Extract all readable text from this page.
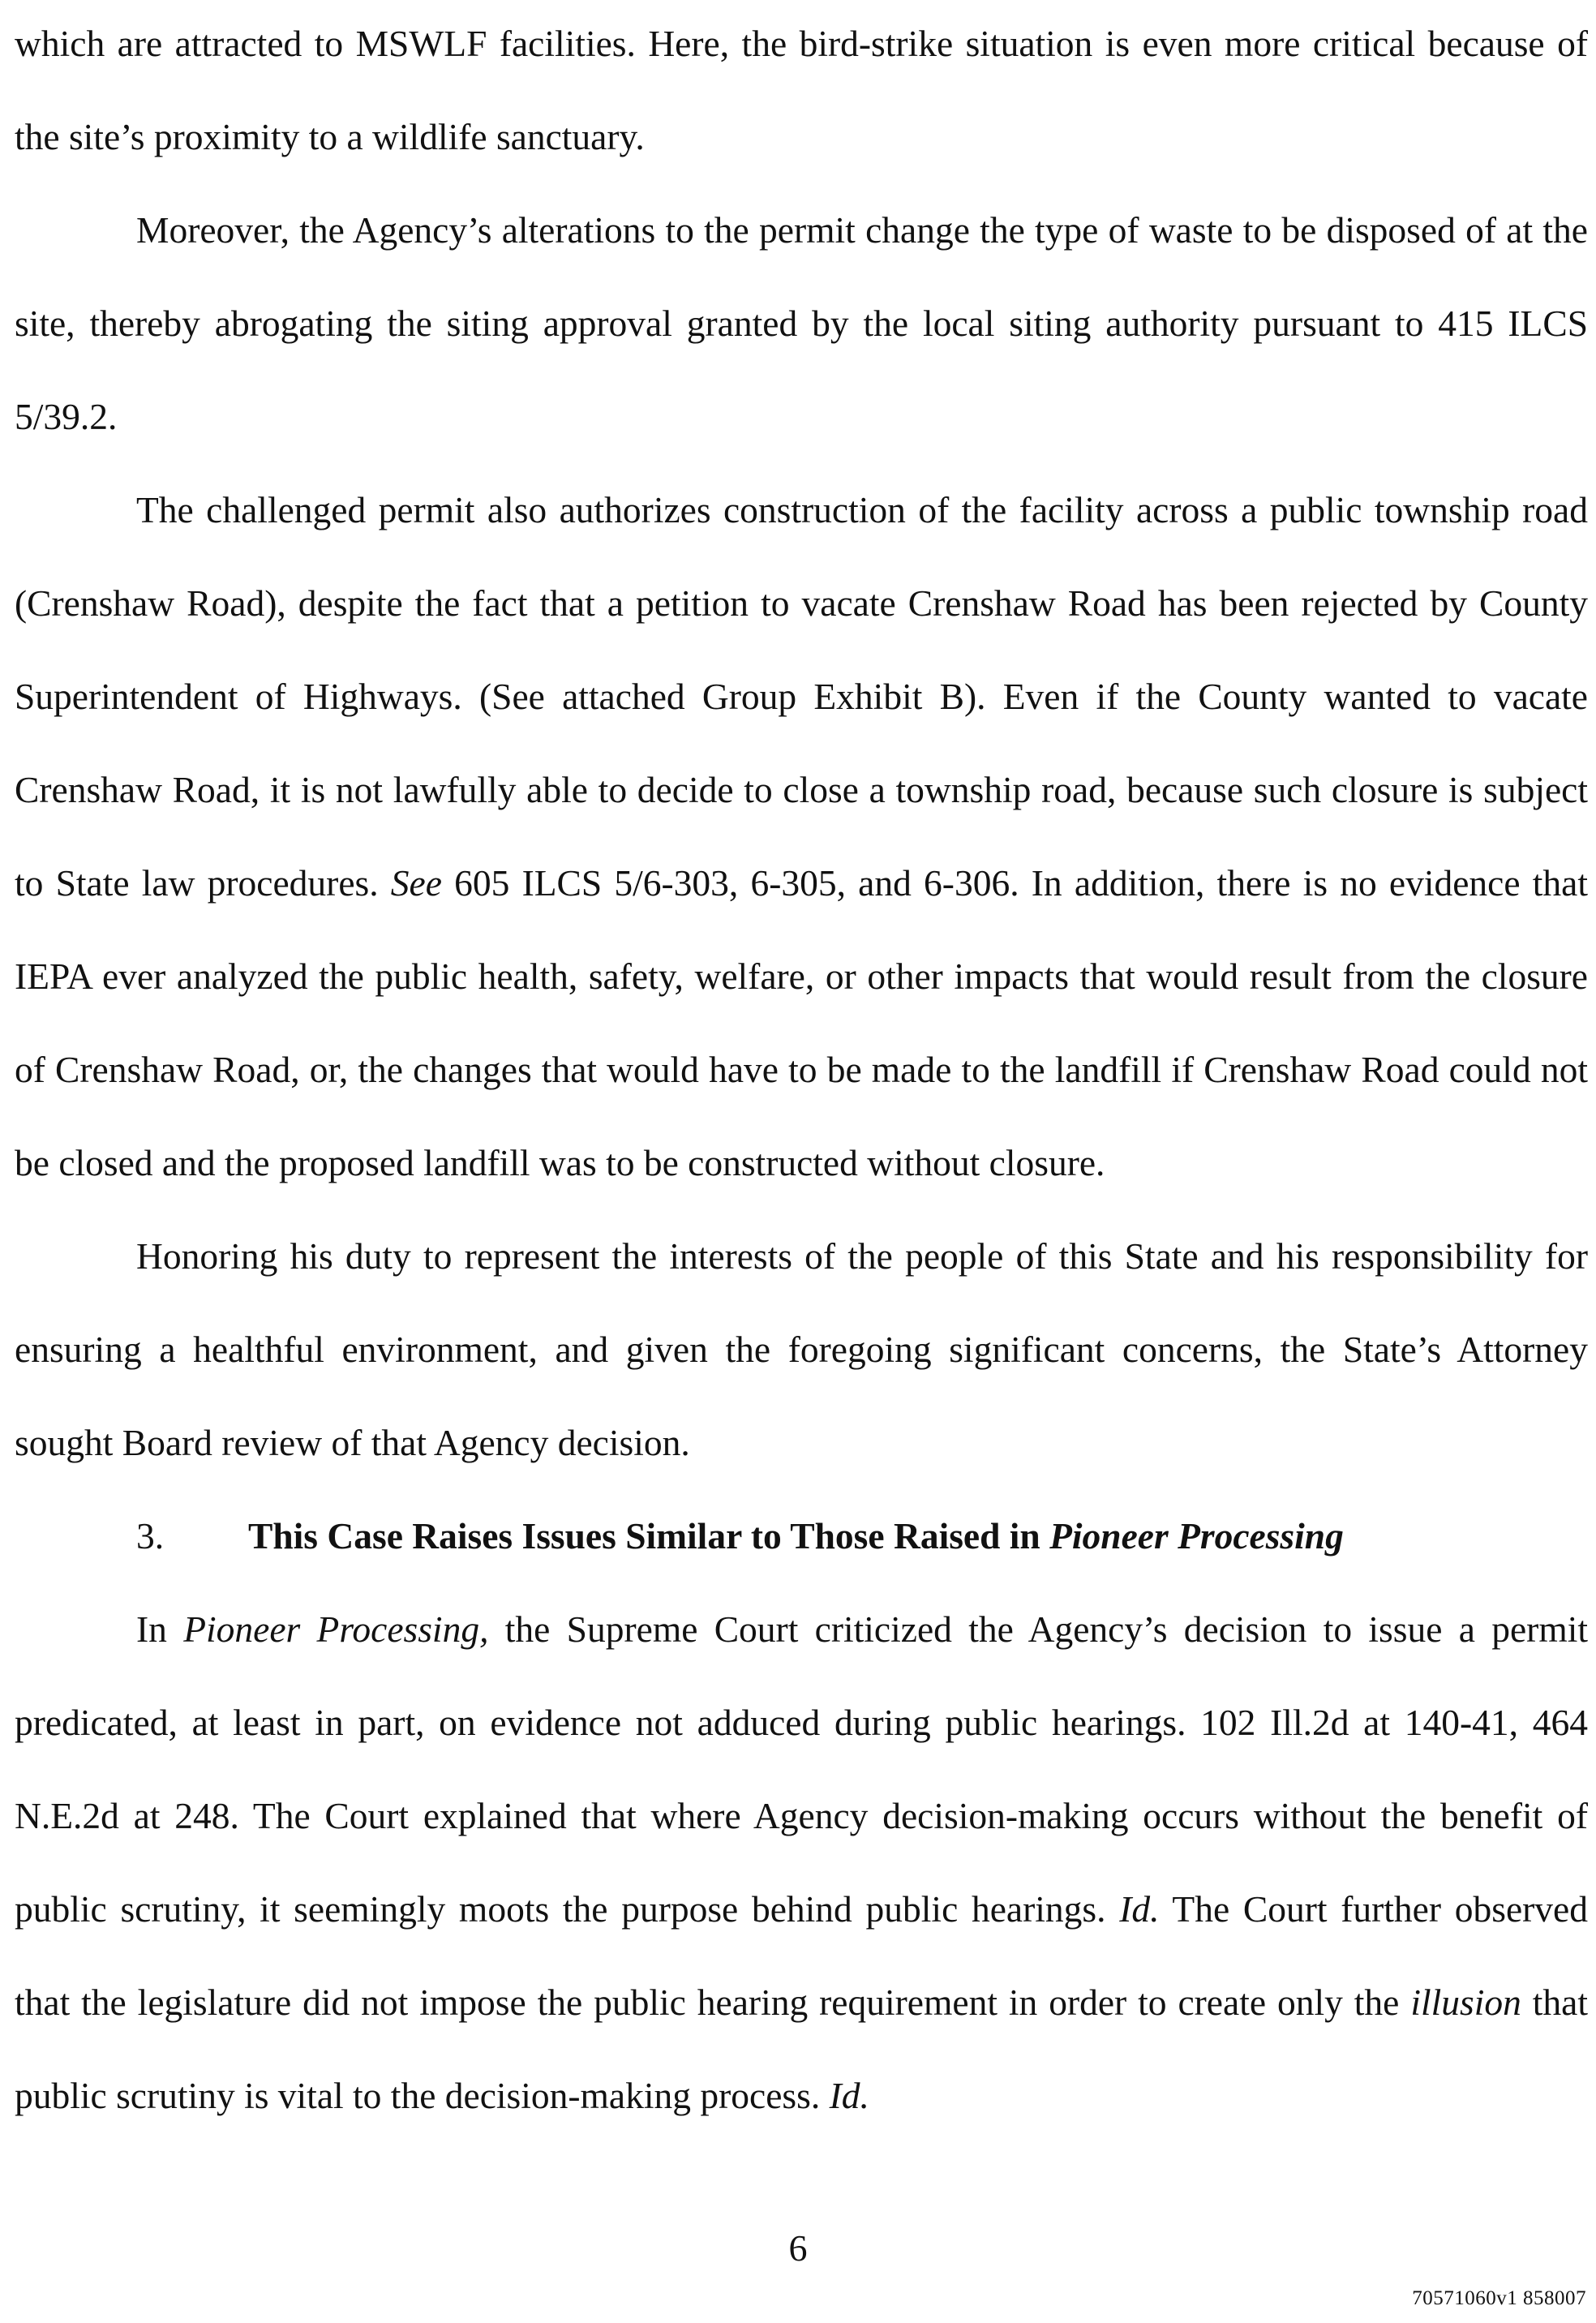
which are attracted to MSWLF facilities. Here, the bird-strike situation is even more critical because of the site’s proximity to a wildlife sanctuary.

Moreover, the Agency’s alterations to the permit change the type of waste to be disposed of at the site, thereby abrogating the siting approval granted by the local siting authority pursuant to 415 ILCS 5/39.2.

The challenged permit also authorizes construction of the facility across a public township road (Crenshaw Road), despite the fact that a petition to vacate Crenshaw Road has been rejected by County Superintendent of Highways. (See attached Group Exhibit B). Even if the County wanted to vacate Crenshaw Road, it is not lawfully able to decide to close a township road, because such closure is subject to State law procedures. See 605 ILCS 5/6-303, 6-305, and 6-306. In addition, there is no evidence that IEPA ever analyzed the public health, safety, welfare, or other impacts that would result from the closure of Crenshaw Road, or, the changes that would have to be made to the landfill if Crenshaw Road could not be closed and the proposed landfill was to be constructed without closure.

Honoring his duty to represent the interests of the people of this State and his responsibility for ensuring a healthful environment, and given the foregoing significant concerns, the State’s Attorney sought Board review of that Agency decision.

3. This Case Raises Issues Similar to Those Raised in Pioneer Processing

In Pioneer Processing, the Supreme Court criticized the Agency’s decision to issue a permit predicated, at least in part, on evidence not adduced during public hearings. 102 Ill.2d at 140-41, 464 N.E.2d at 248. The Court explained that where Agency decision-making occurs without the benefit of public scrutiny, it seemingly moots the purpose behind public hearings. Id. The Court further observed that the legislature did not impose the public hearing requirement in order to create only the illusion that public scrutiny is vital to the decision-making process. Id.

6
70571060v1 858007
